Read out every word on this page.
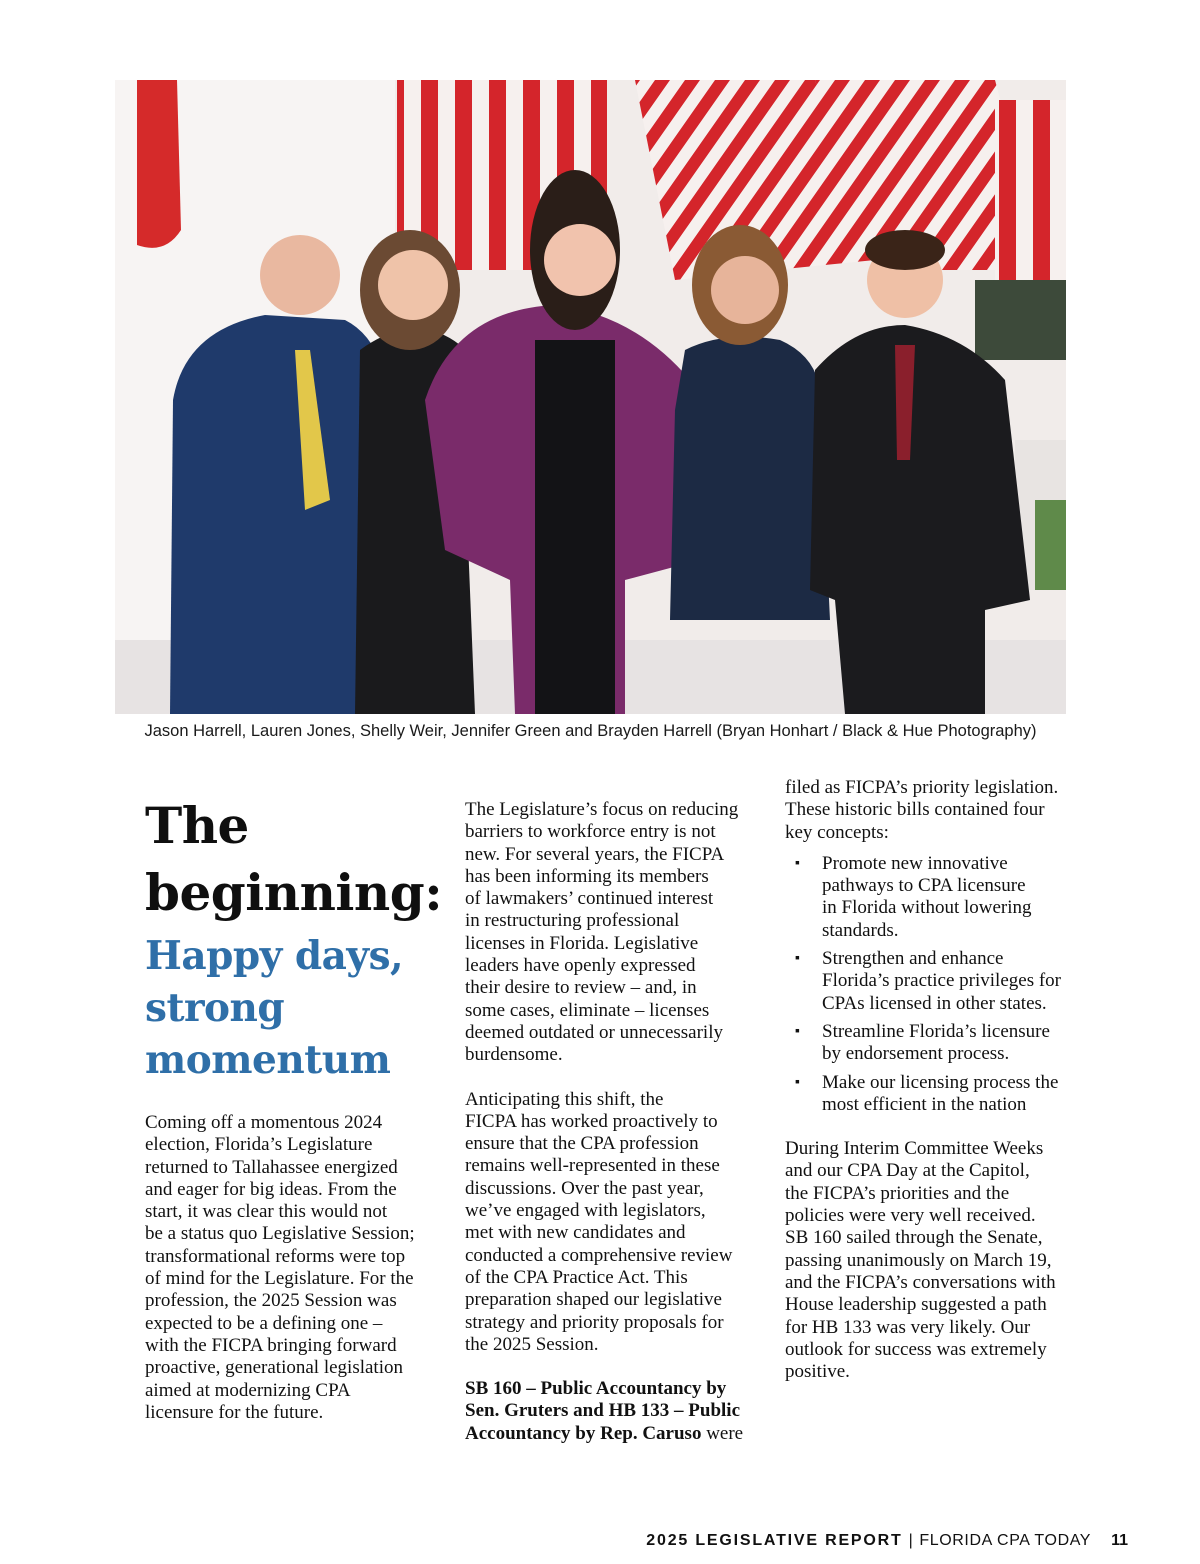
Jason Harrell, Lauren Jones, Shelly Weir, Jennifer Green and Brayden Harrell (Bryan Honhart / Black & Hue Photography)
The
beginning:
Happy days,
strong
momentum

Coming off a momentous 2024
election, Florida’s Legislature
returned to Tallahassee energized
and eager for big ideas. From the
start, it was clear this would not
be a status quo Legislative Session;
transformational reforms were top
of mind for the Legislature. For the
profession, the 2025 Session was
expected to be a defining one –
with the FICPA bringing forward
proactive, generational legislation
aimed at modernizing CPA
licensure for the future.

The Legislature’s focus on reducing
barriers to workforce entry is not
new. For several years, the FICPA
has been informing its members
of lawmakers’ continued interest
in restructuring professional
licenses in Florida. Legislative
leaders have openly expressed
their desire to review – and, in
some cases, eliminate – licenses
deemed outdated or unnecessarily
burdensome.

Anticipating this shift, the
FICPA has worked proactively to
ensure that the CPA profession
remains well-represented in these
discussions. Over the past year,
we’ve engaged with legislators,
met with new candidates and
conducted a comprehensive review
of the CPA Practice Act. This
preparation shaped our legislative
strategy and priority proposals for
the 2025 Session.

SB 160 – Public Accountancy by
Sen. Gruters and HB 133 – Public
Accountancy by Rep. Caruso were

filed as FICPA’s priority legislation.
These historic bills contained four
key concepts:

▪ Promote new innovative
pathways to CPA licensure
in Florida without lowering
standards.
▪ Strengthen and enhance
Florida’s practice privileges for
CPAs licensed in other states.
▪ Streamline Florida’s licensure
by endorsement process.
▪ Make our licensing process the
most efficient in the nation

During Interim Committee Weeks
and our CPA Day at the Capitol,
the FICPA’s priorities and the
policies were very well received.
SB 160 sailed through the Senate,
passing unanimously on March 19,
and the FICPA’s conversations with
House leadership suggested a path
for HB 133 was very likely. Our
outlook for success was extremely
positive.

2025 LEGISLATIVE REPORT | FLORIDA CPA TODAY 11
